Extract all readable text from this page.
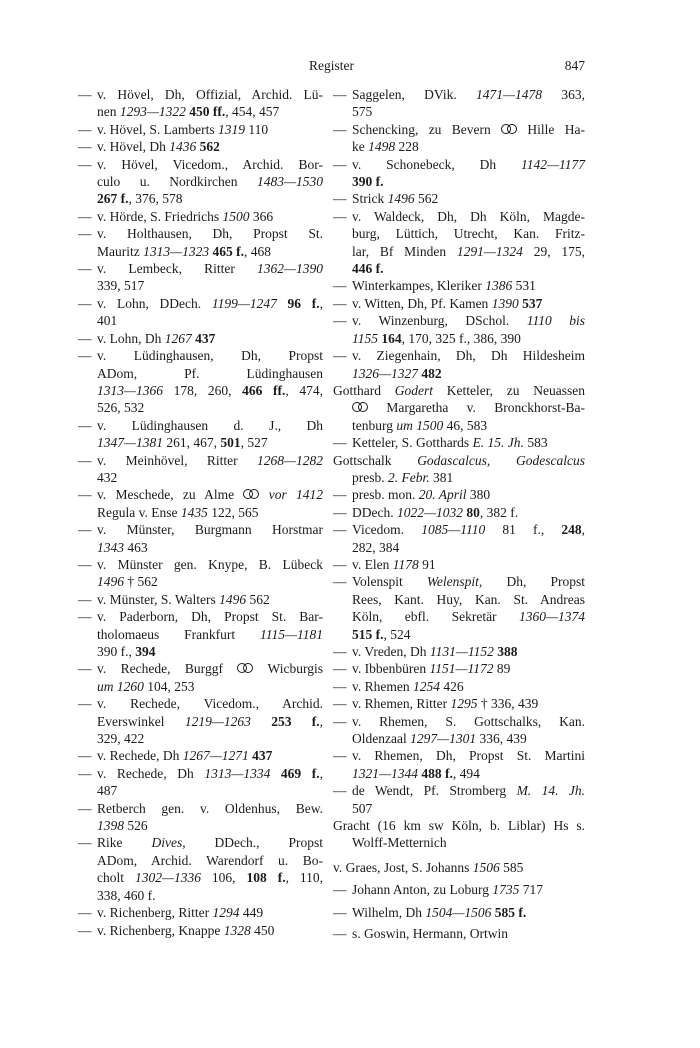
Register	847
— v. Hövel, Dh, Offizial, Archid. Lü-
nen 1293—1322 450 ff., 454, 457
— v. Hövel, S. Lamberts 1319 110
— v. Hövel, Dh 1436 562
— v. Hövel, Vicedom., Archid. Bor-
culo u. Nordkirchen 1483—1530
267 f., 376, 578
— v. Hörde, S. Friedrichs 1500 366
— v. Holthausen, Dh, Propst St.
Mauritz 1313—1323 465 f., 468
— v. Lembeck, Ritter 1362—1390
339, 517
— v. Lohn, DDech. 1199—1247 96 f.,
401
— v. Lohn, Dh 1267 437
— v. Lüdinghausen, Dh, Propst
ADom, Pf. Lüdinghausen
1313—1366 178, 260, 466 ff., 474,
526, 532
— v. Lüdinghausen d. J., Dh
1347—1381 261, 467, 501, 527
— v. Meinhövel, Ritter 1268—1282
432
— v. Meschede, zu Alme
vor 1412
Regula v. Ense 1435 122, 565
— v. Münster, Burgmann Horstmar
1343 463
— v. Münster gen. Knype, B. Lübeck
1496 † 562
— v. Münster, S. Walters 1496 562
— v. Paderborn, Dh, Propst St. Bar-
tholomaeus Frankfurt 1115—1181
390 f., 394
— v. Rechede, Burggf
Wicburgis
um 1260 104, 253
— v. Rechede, Vicedom., Archid.
Everswinkel 1219—1263 253 f.,
329, 422
— v. Rechede, Dh 1267—1271 437
— v. Rechede, Dh 1313—1334 469 f.,
487
— Retberch gen. v. Oldenhus, Bew.
1398 526
— Rike Dives, DDech., Propst
ADom, Archid. Warendorf u. Bo-
cholt 1302—1336 106, 108 f., 110,
338, 460 f.
— v. Richenberg, Ritter 1294 449
— v. Richenberg, Knappe 1328 450
— Saggelen, DVik. 1471—1478 363,
575
— Schencking, zu Bevern
Hille Ha-
ke 1498 228
— v. Schonebeck, Dh 1142—1177
390 f.
— Strick 1496 562
— v. Waldeck, Dh, Dh Köln, Magde-
burg, Lüttich, Utrecht, Kan. Fritz-
lar, Bf Minden 1291—1324 29, 175,
446 f.
— Winterkampes, Kleriker 1386 531
— v. Witten, Dh, Pf. Kamen 1390 537
— v. Winzenburg, DSchol. 1110 bis
1155 164, 170, 325 f., 386, 390
— v. Ziegenhain, Dh, Dh Hildesheim
1326—1327 482
Gotthard Godert Ketteler, zu Neuassen
Margaretha v. Bronckhorst-Ba-
tenburg um 1500 46, 583
— Ketteler, S. Gotthards E. 15. Jh. 583
Gottschalk Godascalcus, Godescalcus
presb. 2. Febr. 381
— presb. mon. 20. April 380
— DDech. 1022—1032 80, 382 f.
— Vicedom. 1085—1110 81 f., 248,
282, 384
— v. Elen 1178 91
— Volenspit Welenspit, Dh, Propst
Rees, Kant. Huy, Kan. St. Andreas
Köln, ebfl. Sekretär 1360—1374
515 f., 524
— v. Vreden, Dh 1131—1152 388
— v. Ibbenbüren 1151—1172 89
— v. Rhemen 1254 426
— v. Rhemen, Ritter 1295 † 336, 439
— v. Rhemen, S. Gottschalks, Kan.
Oldenzaal 1297—1301 336, 439
— v. Rhemen, Dh, Propst St. Martini
1321—1344 488 f., 494
— de Wendt, Pf. Stromberg M. 14. Jh.
507
Gracht (16 km sw Köln, b. Liblar) Hs s.
Wolff-Metternich
v. Graes, Jost, S. Johanns 1506 585
— Johann Anton, zu Loburg 1735 717
— Wilhelm, Dh 1504—1506 585 f.
— s. Goswin, Hermann, Ortwin
